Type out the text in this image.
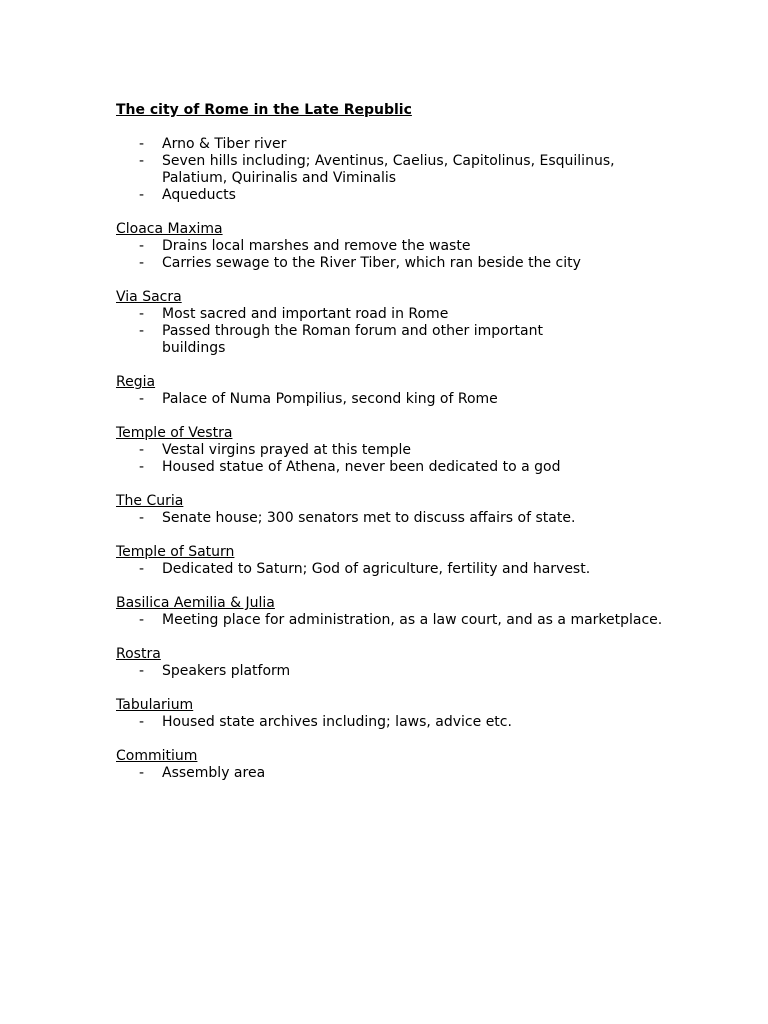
The city of Rome in the Late Republic
- Arno & Tiber river
- Seven hills including; Aventinus, Caelius, Capitolinus, Esquilinus, Palatium, Quirinalis and Viminalis
- Aqueducts
Cloaca Maxima
- Drains local marshes and remove the waste
- Carries sewage to the River Tiber, which ran beside the city
Via Sacra
- Most sacred and important road in Rome
- Passed through the Roman forum and other important buildings
Regia
- Palace of Numa Pompilius, second king of Rome
Temple of Vestra
- Vestal virgins prayed at this temple
- Housed statue of Athena, never been dedicated to a god
The Curia
- Senate house; 300 senators met to discuss affairs of state.
Temple of Saturn
- Dedicated to Saturn; God of agriculture, fertility and harvest.
Basilica Aemilia & Julia
- Meeting place for administration, as a law court, and as a marketplace.
Rostra
- Speakers platform
Tabularium
- Housed state archives including; laws, advice etc.
Commitium
- Assembly area
